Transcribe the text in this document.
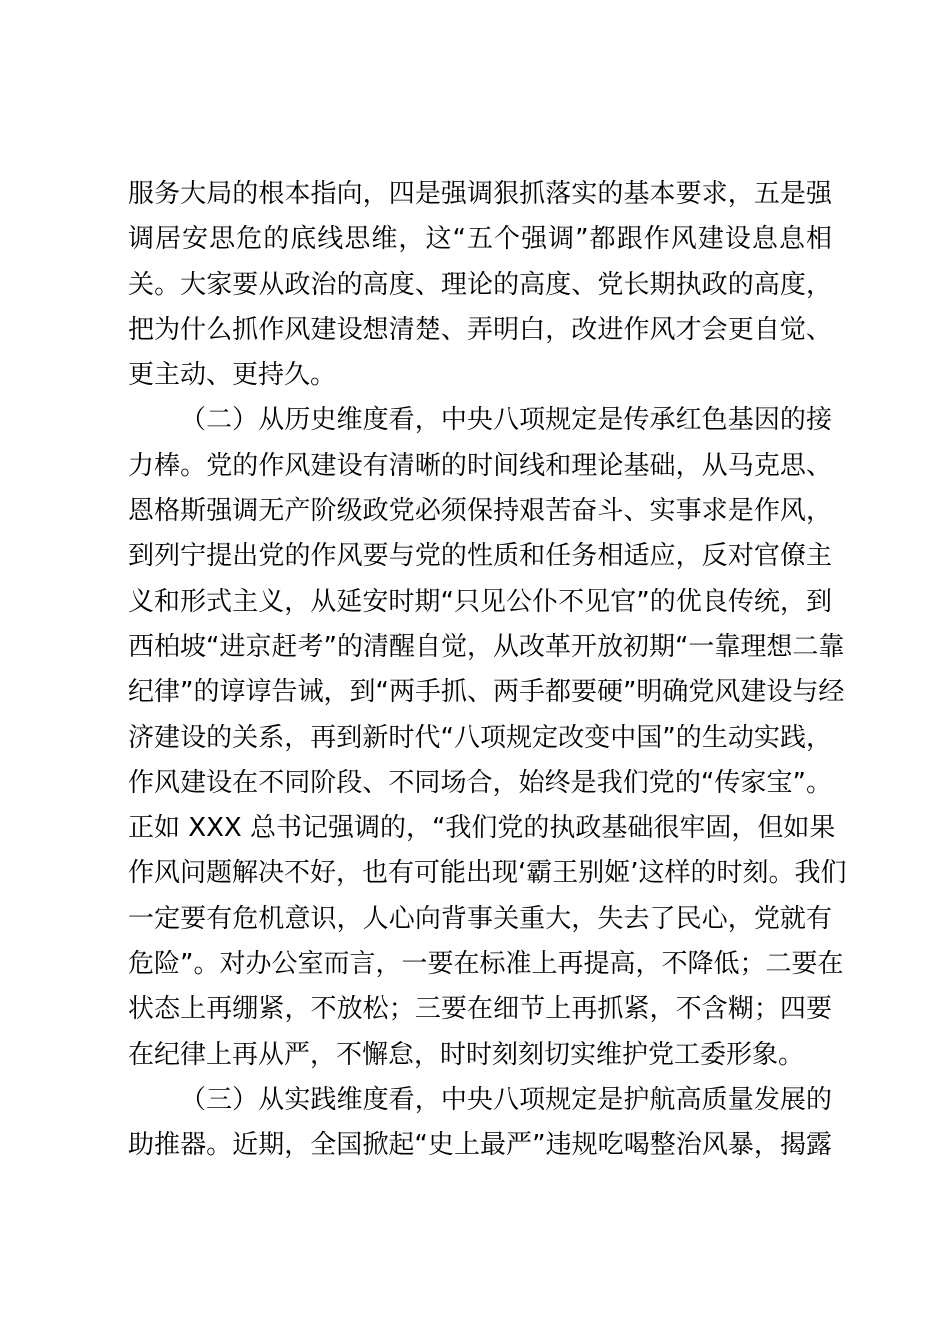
服务大局的根本指向，四是强调狠抓落实的基本要求，五是强
调居安思危的底线思维，这“五个强调”都跟作风建设息息相
关。大家要从政治的高度、理论的高度、党长期执政的高度，
把为什么抓作风建设想清楚、弄明白，改进作风才会更自觉、
更主动、更持久。
（二）从历史维度看，中央八项规定是传承红色基因的接
力棒。党的作风建设有清晰的时间线和理论基础，从马克思、
恩格斯强调无产阶级政党必须保持艰苦奋斗、实事求是作风，
到列宁提出党的作风要与党的性质和任务相适应，反对官僚主
义和形式主义，从延安时期“只见公仆不见官”的优良传统，到
西柏坡“进京赶考”的清醒自觉，从改革开放初期“一靠理想二靠
纪律”的谆谆告诫，到“两手抓、两手都要硬”明确党风建设与经
济建设的关系，再到新时代“八项规定改变中国”的生动实践，
作风建设在不同阶段、不同场合，始终是我们党的“传家宝”。
正如 XXX 总书记强调的，“我们党的执政基础很牢固，但如果
作风问题解决不好，也有可能出现‘霸王别姬’这样的时刻。我们
一定要有危机意识，人心向背事关重大，失去了民心，党就有
危险”。对办公室而言，一要在标准上再提高，不降低；二要在
状态上再绷紧，不放松；三要在细节上再抓紧，不含糊；四要
在纪律上再从严，不懈怠，时时刻刻切实维护党工委形象。
（三）从实践维度看，中央八项规定是护航高质量发展的
助推器。近期，全国掀起“史上最严”违规吃喝整治风暴，揭露
